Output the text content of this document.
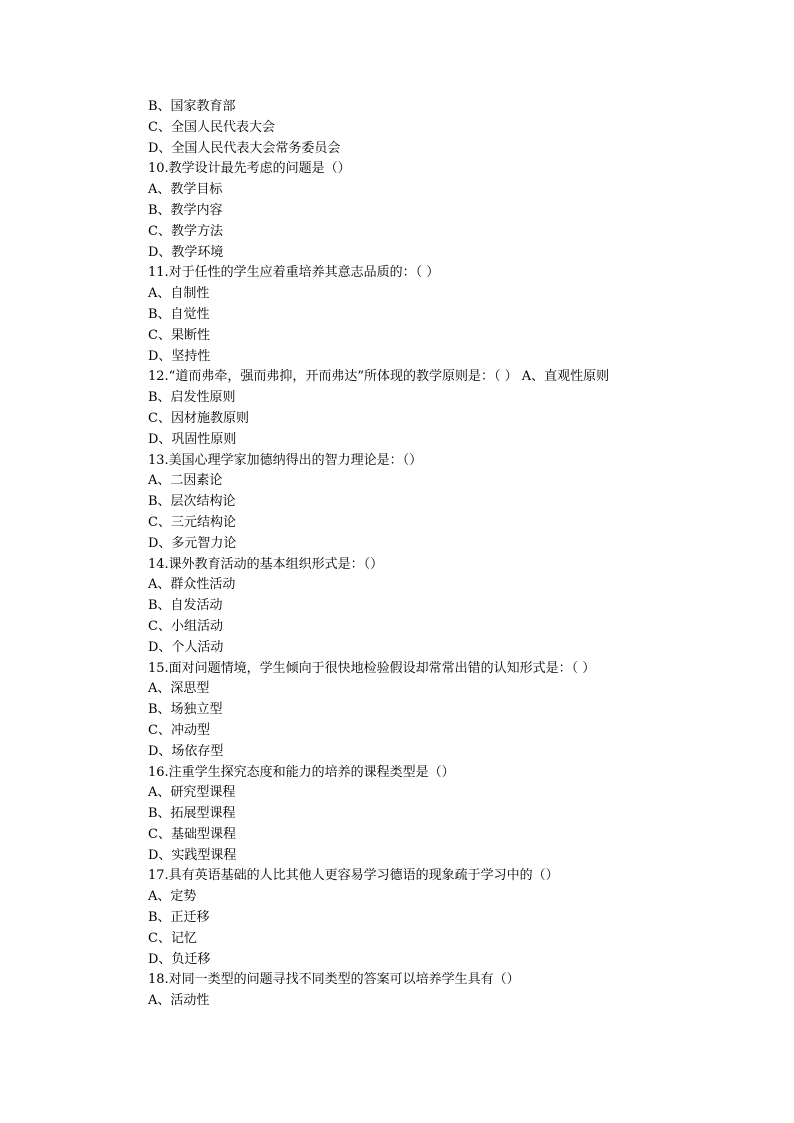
B、国家教育部
C、全国人民代表大会
D、全国人民代表大会常务委员会
10.教学设计最先考虑的问题是（）
A、教学目标
B、教学内容
C、教学方法
D、教学环境
11.对于任性的学生应着重培养其意志品质的：（ ）
A、自制性
B、自觉性
C、果断性
D、坚持性
12.“道而弗牵，强而弗抑，开而弗达”所体现的教学原则是：（ ） A、直观性原则
B、启发性原则
C、因材施教原则
D、巩固性原则
13.美国心理学家加德纳得出的智力理论是：（）
A、二因素论
B、层次结构论
C、三元结构论
D、多元智力论
14.课外教育活动的基本组织形式是：（）
A、群众性活动
B、自发活动
C、小组活动
D、个人活动
15.面对问题情境，学生倾向于很快地检验假设却常常出错的认知形式是：（ ）
A、深思型
B、场独立型
C、冲动型
D、场依存型
16.注重学生探究态度和能力的培养的课程类型是（）
A、研究型课程
B、拓展型课程
C、基础型课程
D、实践型课程
17.具有英语基础的人比其他人更容易学习德语的现象疏于学习中的（）
A、定势
B、正迁移
C、记忆
D、负迁移
18.对同一类型的问题寻找不同类型的答案可以培养学生具有（）
A、活动性
